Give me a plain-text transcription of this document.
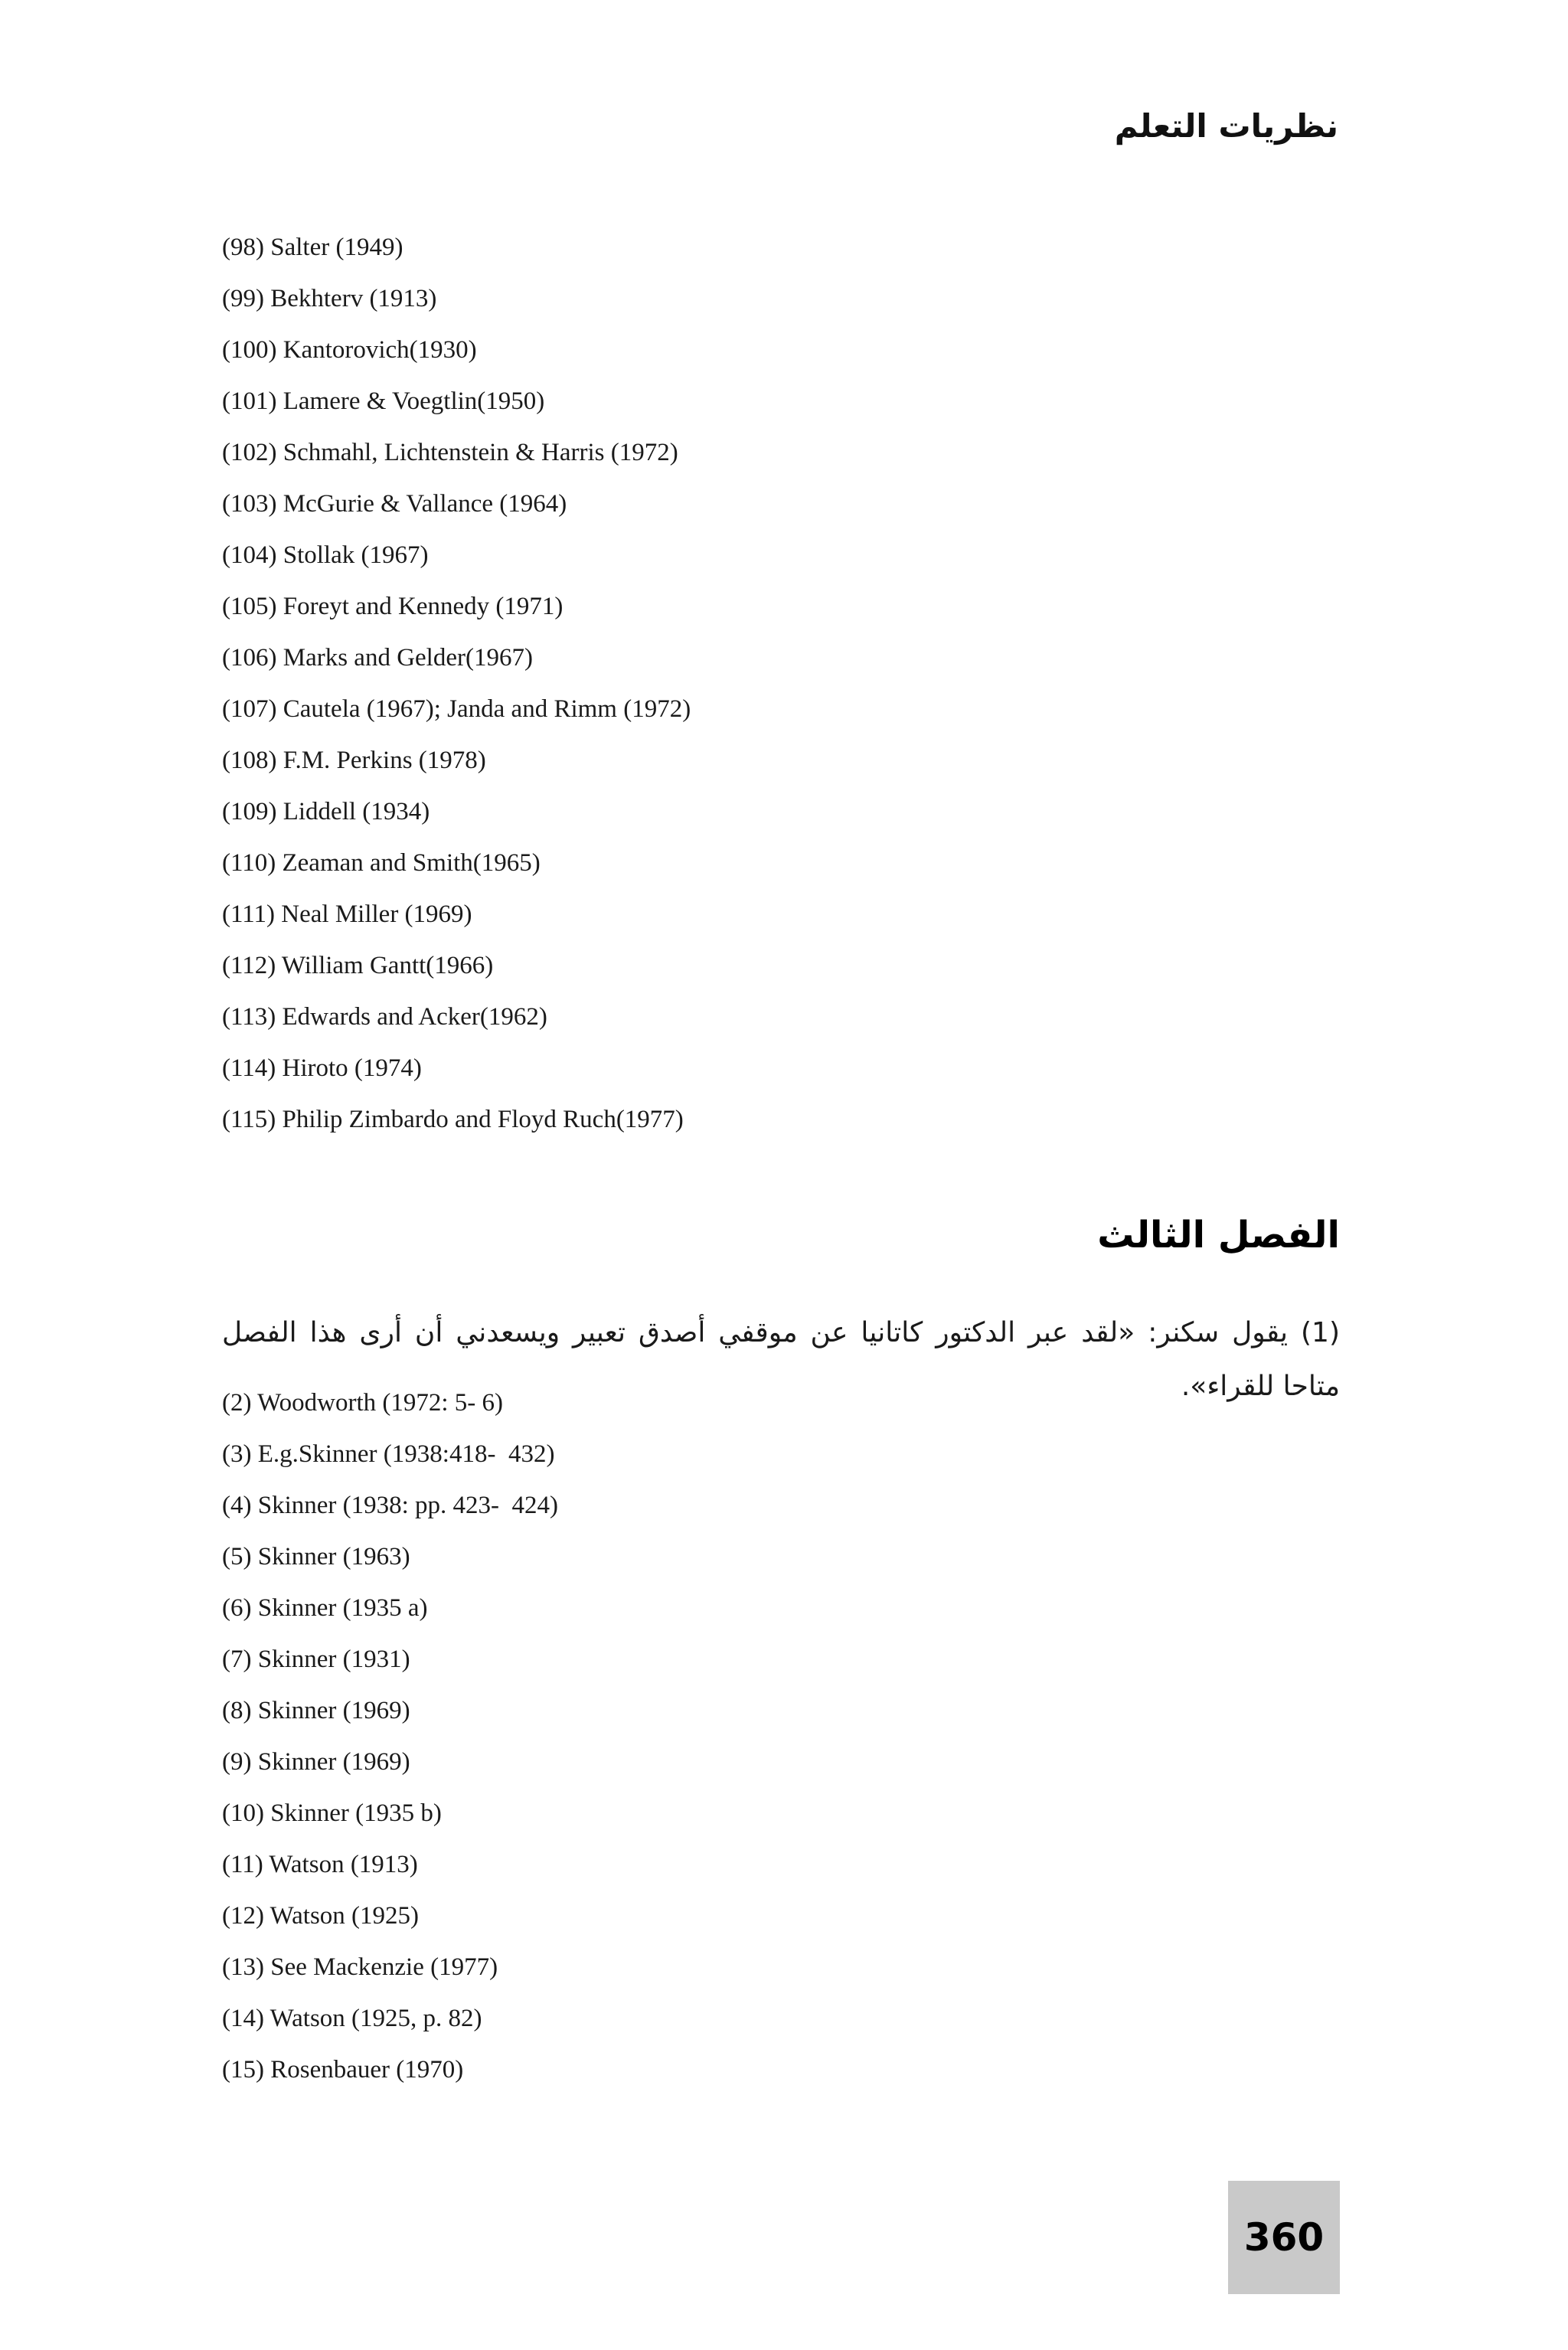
نظريات التعلم
(98) Salter (1949)
(99) Bekhterv (1913)
(100) Kantorovich(1930)
(101) Lamere & Voegtlin(1950)
(102) Schmahl, Lichtenstein & Harris (1972)
(103) McGurie & Vallance (1964)
(104) Stollak (1967)
(105) Foreyt and Kennedy (1971)
(106) Marks and Gelder(1967)
(107) Cautela (1967); Janda and Rimm (1972)
(108) F.M. Perkins (1978)
(109) Liddell (1934)
(110) Zeaman and Smith(1965)
(111) Neal Miller (1969)
(112) William Gantt(1966)
(113) Edwards and Acker(1962)
(114) Hiroto (1974)
(115) Philip Zimbardo and Floyd Ruch(1977)
الفصل الثالث

(1) يقول سكنر: «لقد عبر الدكتور كاتانيا عن موقفي أصدق تعبير ويسعدني أن أرى هذا الفصل متاحا للقراء».

(2) Woodworth (1972: 5- 6)
(3) E.g.Skinner (1938:418-  432)
(4) Skinner (1938: pp. 423-  424)
(5) Skinner (1963)
(6) Skinner (1935 a)
(7) Skinner (1931)
(8) Skinner (1969)
(9) Skinner (1969)
(10) Skinner (1935 b)
(11) Watson (1913)
(12) Watson (1925)
(13) See Mackenzie (1977)
(14) Watson (1925, p. 82)
(15) Rosenbauer (1970)
360
